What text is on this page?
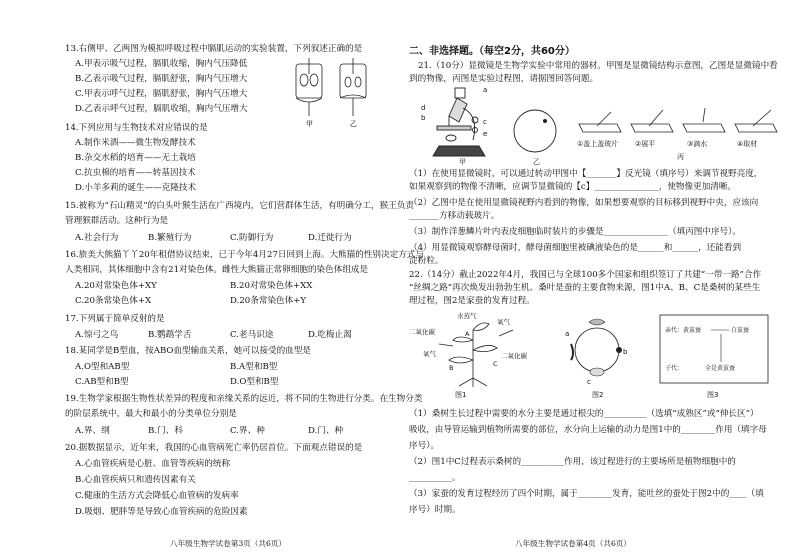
13.右侧甲、乙两图为模拟呼吸过程中膈肌运动的实验装置，下列叙述正确的是
A.甲表示吸气过程，膈肌收缩，胸内气压降低
B.乙表示吸气过程，膈肌舒张，胸内气压增大
C.甲表示呼气过程，膈肌舒张，胸内气压增大
D.乙表示呼气过程，膈肌收缩，胸内气压增大
甲	乙
14.下列应用与生物技术对应错误的是
A.制作米酒——微生物发酵技术
B.杂交水稻的培育——无土栽培
C.抗虫棉的培育——转基因技术
D.小羊多莉的诞生——克隆技术
15.被称为“石山精灵”的白头叶猴生活在广西境内，它们营群体生活，有明确分工，猴王负责
管理猴群活动。这种行为是
A.社会行为	B.繁殖行为	C.防御行为	D.迁徙行为
16.旅美大熊猫丫丫20年租借协议结束，已于今年4月27日回到上海。大熊猫的性别决定方式与
人类相同，其体细胞中含有21对染色体。雌性大熊猫正常卵细胞的染色体组成是
A.20对常染色体+XY	B.20对常染色体+XX
C.20条常染色体+X	D.20条常染色体+Y
17.下列属于简单反射的是
A.惊弓之鸟	B.鹦鹉学舌	C.老马识途	D.吃梅止渴
18.某同学是B型血，按ABO血型输血关系，她可以接受的血型是
A.O型和AB型	B.A型和B型
C.AB型和B型	D.O型和B型
19.生物学家根据生物性状差异的程度和亲缘关系的远近，将不同的生物进行分类。在生物分类
的阶层系统中，最大和最小的分类单位分别是
A.界、纲	B.门、科	C.界、种	D.门、种
20.据数据显示，近年来，我国的心血管病死亡率仍居首位。下面观点错误的是
A.心血管疾病是心脏、血管等疾病的统称
B.心血管疾病只和遗传因素有关
C.健康的生活方式会降低心血管病的发病率
D.吸烟、肥胖等是导致心血管疾病的危险因素
八年级生物学试卷第3页（共6页）
二、非选择题。（每空2分，共60分）
21.（10分）显微镜是生物学实验中常用的器材。甲图是显微镜结构示意图，乙图是显微镜中看
到的物像，丙图是实验过程图，请据图回答问题。
d
b
a
c
e
甲	乙
①盖上盖玻片 ②展平	③滴水	④取材
丙
（1）在使用显微镜时，可以通过转动甲图中【_______】反光镜（填序号）来调节视野亮度，
如果观察到的物像不清晰，应调节显微镜的【c】_______________，使物像更加清晰。
（2）乙图中是在使用显微镜视野内看到的物像，如果想要观察的目标移到视野中央，应该向
_______方移动载玻片。
（3）制作洋葱鳞片叶内表皮细胞临时装片的步骤是_______________（填丙图中序号）。
（4）用显微镜观察酵母菌时，酵母菌细胞里被碘液染色的是______和______，还能看到
淀粉粒。
22.（14分）截止2022年4月，我国已与全球100多个国家和组织签订了共建“一带一路”合作
“丝绸之路”再次焕发出勃勃生机。桑叶是蚕的主要食物来源，图1中A、B、C是桑树的某些生
理过程，图2是家蚕的发育过程。
水蒸气
氧气
二氧化碳
二氧化碳
氧气
A
B	C
图1
a
b
c
图2
亲代：黄茧蚕	白茧蚕
子代：	全是黄茧蚕
图3
（1）桑树生长过程中需要的水分主要是通过根尖的__________（选填“成熟区”或“伸长区”）
吸收，由导管运输到植物所需要的部位，水分向上运输的动力是图1中的________作用（填字母
序号）。
（2）图1中C过程表示桑树的__________作用，该过程进行的主要场所是植物细胞中的
__________。
（3）家蚕的发育过程经历了四个时期，属于________发育，能吐丝的蚕处于图2中的____（填
序号）时期。
八年级生物学试卷第4页（共6页）
